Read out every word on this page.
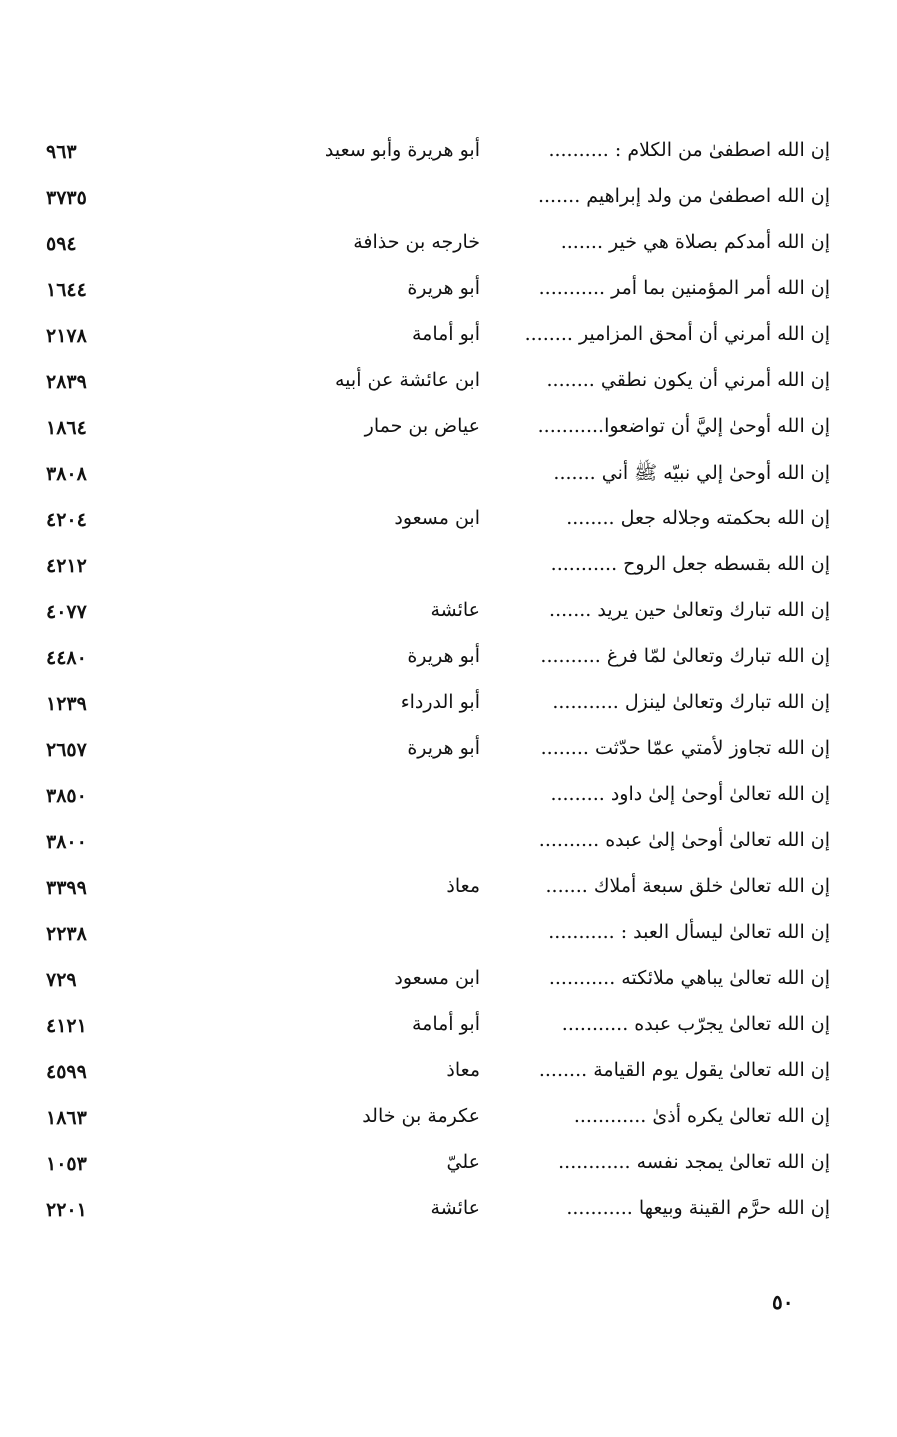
إن الله اصطفىٰ من الكلام : ..........
أبو هريرة وأبو سعيد
٩٦٣
إن الله اصطفىٰ من ولد إبراهيم .......
٣٧٣٥
إن الله أمدكم بصلاة هي خير .......
خارجه بن حذافة
٥٩٤
إن الله أمر المؤمنين بما أمر ...........
أبو هريرة
١٦٤٤
إن الله أمرني أن أمحق المزامير ........
أبو أمامة
٢١٧٨
إن الله أمرني أن يكون نطقي ........
ابن عائشة عن أبيه
٢٨٣٩
إن الله أوحىٰ إليَّ أن تواضعوا...........
عياض بن حمار
١٨٦٤
إن الله أوحىٰ إلي نبيّه ﷺ أني .......
٣٨٠٨
إن الله بحكمته وجلاله جعل ........
ابن مسعود
٤٢٠٤
إن الله بقسطه جعل الروح ...........
٤٢١٢
إن الله تبارك وتعالىٰ حين يريد .......
عائشة
٤٠٧٧
إن الله تبارك وتعالىٰ لمّا فرغ ..........
أبو هريرة
٤٤٨٠
إن الله تبارك وتعالىٰ لينزل ...........
أبو الدرداء
١٢٣٩
إن الله تجاوز لأمتي عمّا حدّثت ........
أبو هريرة
٢٦٥٧
إن الله تعالىٰ أوحىٰ إلىٰ داود .........
٣٨٥٠
إن الله تعالىٰ أوحىٰ إلىٰ عبده ..........
٣٨٠٠
إن الله تعالىٰ خلق سبعة أملاك .......
معاذ
٣٣٩٩
إن الله تعالىٰ ليسأل العبد : ...........
٢٢٣٨
إن الله تعالىٰ يباهي ملائكته ...........
ابن مسعود
٧٢٩
إن الله تعالىٰ يجرّب عبده ...........
أبو أمامة
٤١٢١
إن الله تعالىٰ يقول يوم القيامة ........
معاذ
٤٥٩٩
إن الله تعالىٰ يكره أذىٰ ............
عكرمة بن خالد
١٨٦٣
إن الله تعالىٰ يمجد نفسه ............
عليّ
١٠٥٣
إن الله حرَّم القينة وبيعها ...........
عائشة
٢٢٠١
٥٠
